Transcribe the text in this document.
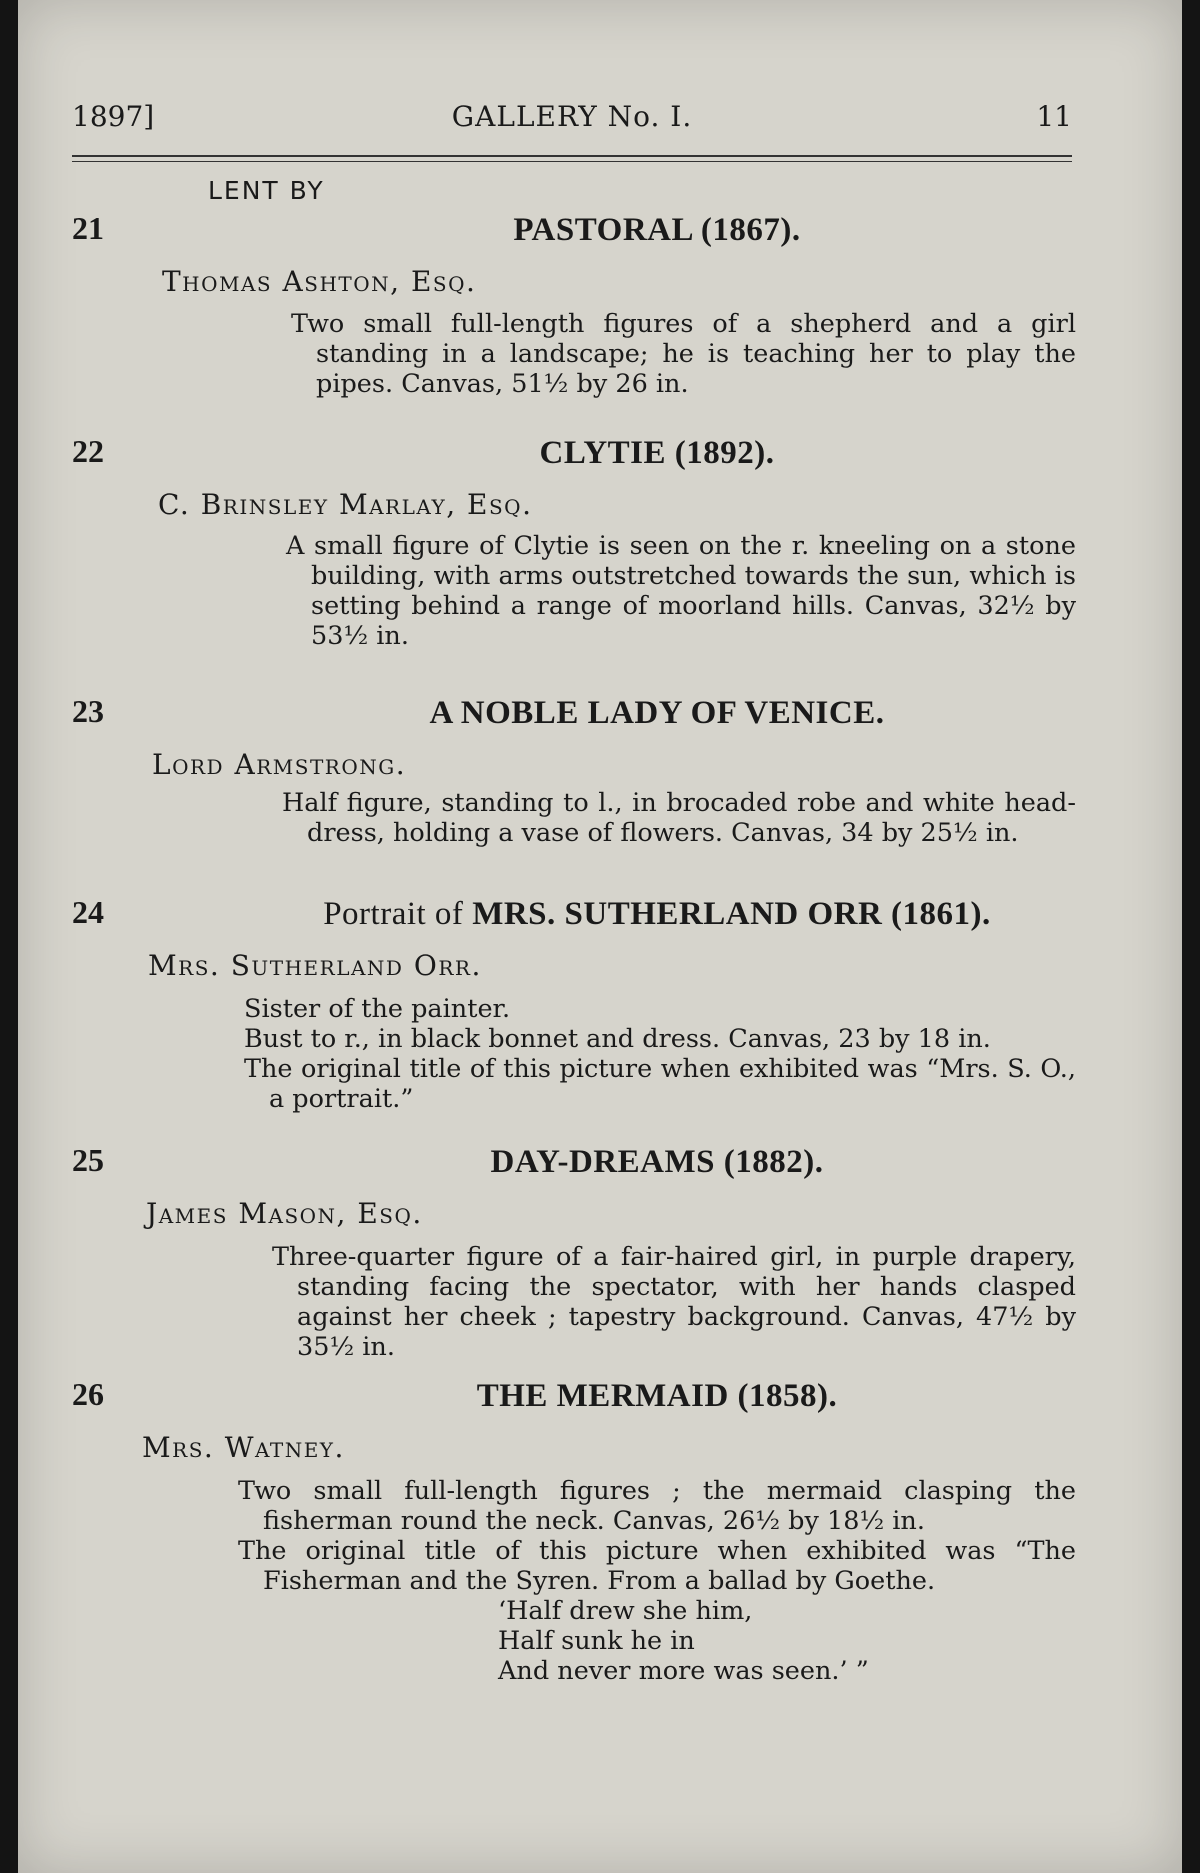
1897]	GALLERY No. I.	11
LENT BY
21	PASTORAL (1867).
Thomas Ashton, Esq.

Two small full-length figures of a shepherd and a girl standing in a landscape; he is teaching her to play the pipes. Canvas, 51½ by 26 in.

22	CLYTIE (1892).
C. Brinsley Marlay, Esq.

A small figure of Clytie is seen on the r. kneeling on a stone building, with arms outstretched towards the sun, which is setting behind a range of moorland hills. Canvas, 32½ by 53½ in.

23	A NOBLE LADY OF VENICE.
Lord Armstrong.

Half figure, standing to l., in brocaded robe and white head-dress, holding a vase of flowers. Canvas, 34 by 25½ in.

24	Portrait of MRS. SUTHERLAND ORR (1861).
Mrs. Sutherland Orr.

Sister of the painter.

Bust to r., in black bonnet and dress. Canvas, 23 by 18 in.

The original title of this picture when exhibited was “Mrs. S. O., a portrait.”

25	DAY-DREAMS (1882).
James Mason, Esq.

Three-quarter figure of a fair-haired girl, in purple drapery, standing facing the spectator, with her hands clasped against her cheek ; tapestry background. Canvas, 47½ by 35½ in.

26	THE MERMAID (1858).
Mrs. Watney.

Two small full-length figures ; the mermaid clasping the fisherman round the neck. Canvas, 26½ by 18½ in.

The original title of this picture when exhibited was “The Fisherman and the Syren. From a ballad by Goethe.

‘Half drew she him,

Half sunk he in

And never more was seen.’ ”
